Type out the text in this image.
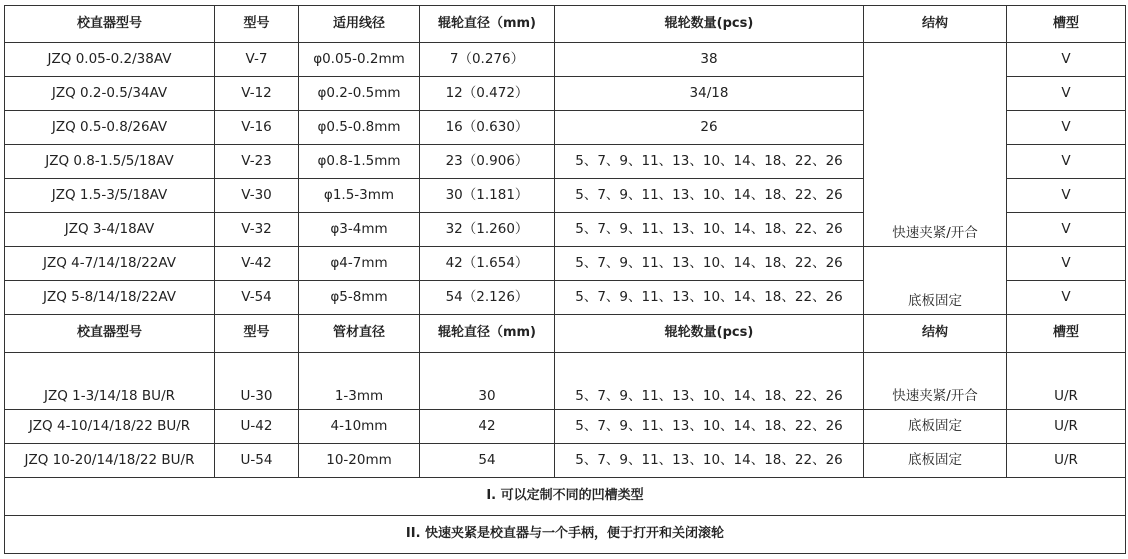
校直器型号	型号	适用线径	辊轮直径（mm)	辊轮数量(pcs)	结构	槽型
JZQ 0.05-0.2/38AV	V-7	φ0.05-0.2mm	7（0.276）	38	快速夹紧/开合	V
JZQ 0.2-0.5/34AV	V-12	φ0.2-0.5mm	12（0.472）	34/18		V
JZQ 0.5-0.8/26AV	V-16	φ0.5-0.8mm	16（0.630）	26		V
JZQ 0.8-1.5/5/18AV	V-23	φ0.8-1.5mm	23（0.906）	5、7、9、11、13、10、14、18、22、26		V
JZQ 1.5-3/5/18AV	V-30	φ1.5-3mm	30（1.181）	5、7、9、11、13、10、14、18、22、26		V
JZQ 3-4/18AV	V-32	φ3-4mm	32（1.260）	5、7、9、11、13、10、14、18、22、26		V
JZQ 4-7/14/18/22AV	V-42	φ4-7mm	42（1.654）	5、7、9、11、13、10、14、18、22、26	底板固定	V
JZQ 5-8/14/18/22AV	V-54	φ5-8mm	54（2.126）	5、7、9、11、13、10、14、18、22、26		V
校直器型号	型号	管材直径	辊轮直径（mm)	辊轮数量(pcs)	结构	槽型
JZQ 1-3/14/18 BU/R	U-30	1-3mm	30	5、7、9、11、13、10、14、18、22、26	快速夹紧/开合	U/R
JZQ 4-10/14/18/22 BU/R	U-42	4-10mm	42	5、7、9、11、13、10、14、18、22、26	底板固定	U/R
JZQ 10-20/14/18/22 BU/R	U-54	10-20mm	54	5、7、9、11、13、10、14、18、22、26	底板固定	U/R
I. 可以定制不同的凹槽类型						
II. 快速夹紧是校直器与一个手柄，便于打开和关闭滚轮						
